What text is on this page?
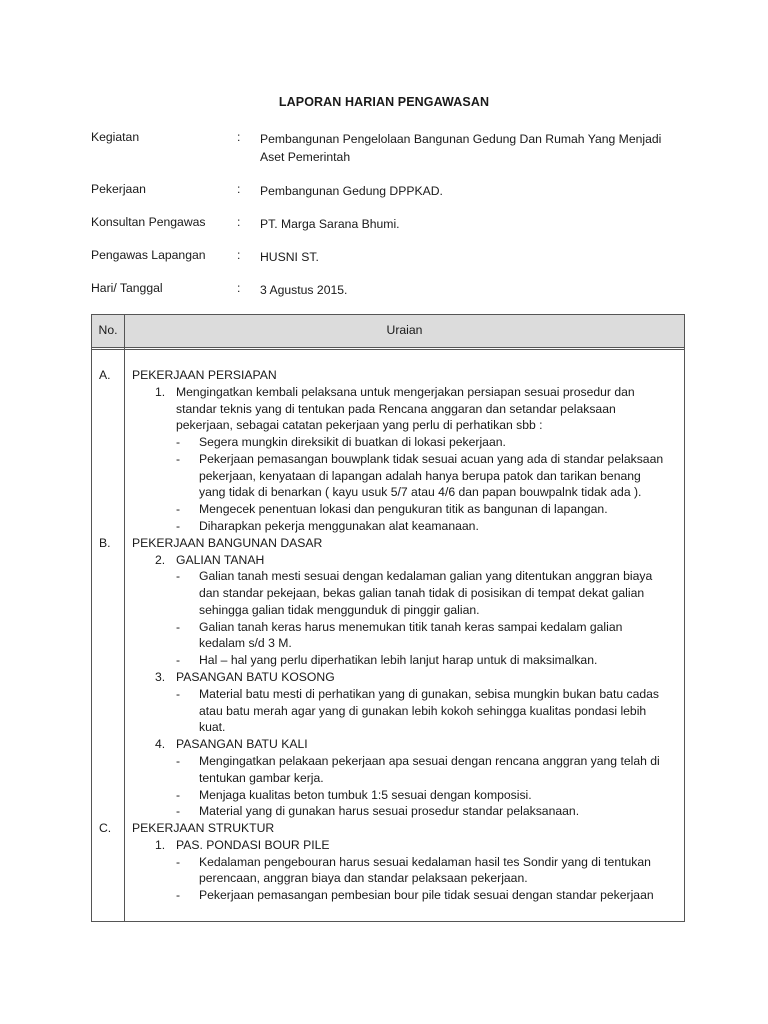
LAPORAN HARIAN PENGAWASAN
Kegiatan	: Pembangunan Pengelolaan Bangunan Gedung Dan Rumah Yang Menjadi
Aset Pemerintah
Pekerjaan	: Pembangunan Gedung DPPKAD.
Konsultan Pengawas	: PT. Marga Sarana Bhumi.
Pengawas Lapangan	: HUSNI ST.
Hari/ Tanggal	: 3 Agustus 2015.
No.	Uraian
A. PEKERJAAN PERSIAPAN
1. Mengingatkan kembali pelaksana untuk mengerjakan persiapan sesuai prosedur dan
standar teknis yang di tentukan pada Rencana anggaran dan setandar pelaksaan
pekerjaan, sebagai catatan pekerjaan yang perlu di perhatikan sbb :
- Segera mungkin direksikit di buatkan di lokasi pekerjaan.
- Pekerjaan pemasangan bouwplank tidak sesuai acuan yang ada di standar pelaksaan
pekerjaan, kenyataan di lapangan adalah hanya berupa patok dan tarikan benang
yang tidak di benarkan ( kayu usuk 5/7 atau 4/6 dan papan bouwpalnk tidak ada ).
- Mengecek penentuan lokasi dan pengukuran titik as bangunan di lapangan.
- Diharapkan pekerja menggunakan alat keamanaan.
B. PEKERJAAN BANGUNAN DASAR
2. GALIAN TANAH
- Galian tanah mesti sesuai dengan kedalaman galian yang ditentukan anggran biaya
dan standar pekejaan, bekas galian tanah tidak di posisikan di tempat dekat galian
sehingga galian tidak menggunduk di pinggir galian.
- Galian tanah keras harus menemukan titik tanah keras sampai kedalam galian
kedalam s/d 3 M.
- Hal – hal yang perlu diperhatikan lebih lanjut harap untuk di maksimalkan.
3. PASANGAN BATU KOSONG
- Material batu mesti di perhatikan yang di gunakan, sebisa mungkin bukan batu cadas
atau batu merah agar yang di gunakan lebih kokoh sehingga kualitas pondasi lebih
kuat.
4. PASANGAN BATU KALI
- Mengingatkan pelakaan pekerjaan apa sesuai dengan rencana anggran yang telah di
tentukan gambar kerja.
- Menjaga kualitas beton tumbuk 1:5 sesuai dengan komposisi.
- Material yang di gunakan harus sesuai prosedur standar pelaksanaan.
C. PEKERJAAN STRUKTUR
1. PAS. PONDASI BOUR PILE
- Kedalaman pengebouran harus sesuai kedalaman hasil tes Sondir yang di tentukan
perencaan, anggran biaya dan standar pelaksaan pekerjaan.
- Pekerjaan pemasangan pembesian bour pile tidak sesuai dengan standar pekerjaan
